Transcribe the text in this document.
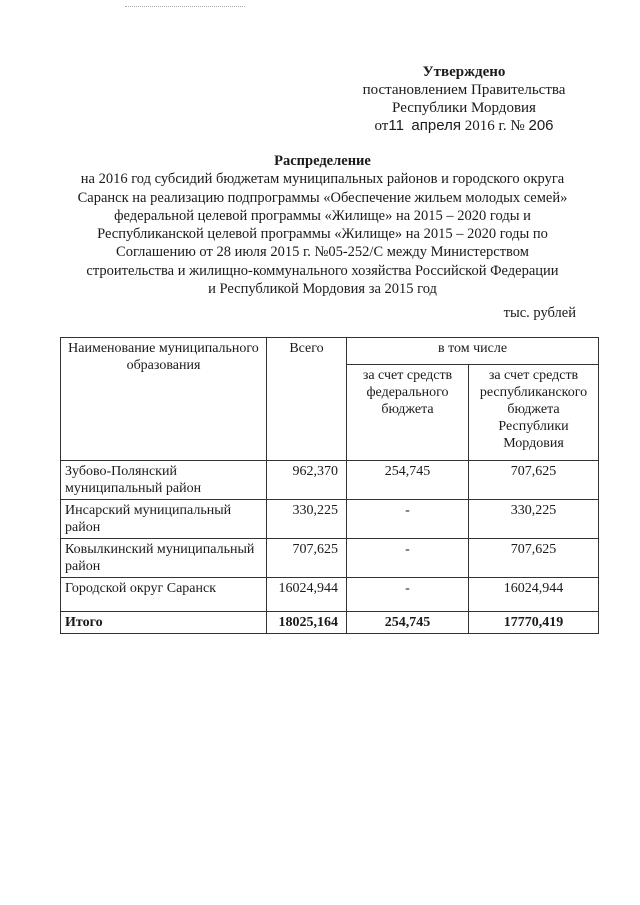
Утверждено
постановлением Правительства
Республики Мордовия
от11 апреля 2016 г. № 206
Распределение
на 2016 год субсидий бюджетам муниципальных районов и городского округа
Саранск на реализацию подпрограммы «Обеспечение жильем молодых семей»
федеральной целевой программы «Жилище» на 2015 – 2020 годы и
Республиканской целевой программы «Жилище» на 2015 – 2020 годы по
Соглашению от 28 июля 2015 г. №05-252/С между Министерством
строительства и жилищно-коммунального хозяйства Российской Федерации
и Республикой Мордовия за 2015 год
тыс. рублей
Наименование муниципального образования	Всего	в том числе	
		за счет средств федерального бюджета	за счет средств республиканского бюджета Республики Мордовия
Зубово-Полянский муниципальный район	962,370	254,745	707,625
Инсарский муниципальный район	330,225	-	330,225
Ковылкинский муниципальный район	707,625	-	707,625
Городской округ Саранск	16024,944	-	16024,944
Итого	18025,164	254,745	17770,419
